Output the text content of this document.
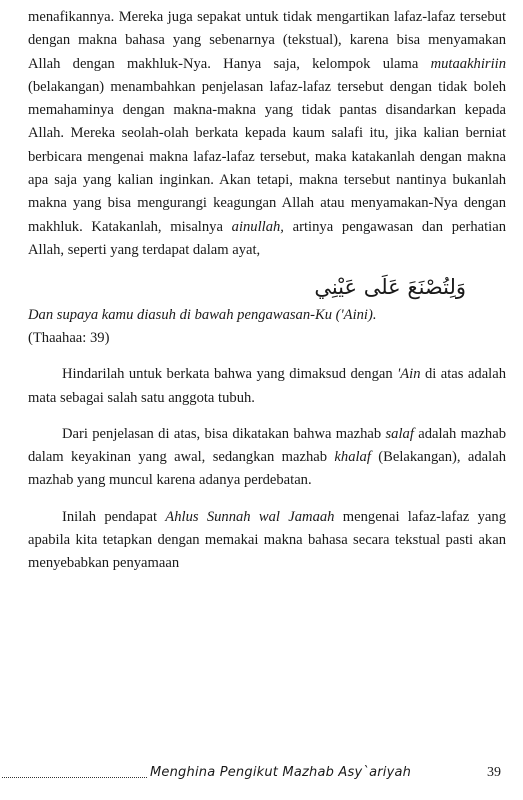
menafikannya. Mereka juga sepakat untuk tidak mengartikan lafaz-lafaz tersebut dengan makna bahasa yang sebenarnya (tekstual), karena bisa menyamakan Allah dengan makhluk-Nya. Hanya saja, kelompok ulama mutaakhiriin (belakangan) menambahkan penjelasan lafaz-lafaz tersebut dengan tidak boleh memahaminya dengan makna-makna yang tidak pantas disandarkan kepada Allah. Mereka seolah-olah berkata kepada kaum salafi itu, jika kalian berniat berbicara mengenai makna lafaz-lafaz tersebut, maka katakanlah dengan makna apa saja yang kalian inginkan. Akan tetapi, makna tersebut nantinya bukanlah makna yang bisa mengurangi keagungan Allah atau menyamakan-Nya dengan makhluk. Katakanlah, misalnya ainullah, artinya pengawasan dan perhatian Allah, seperti yang terdapat dalam ayat,

وَلِتُصْنَعَ عَلَى عَيْنِي

Dan supaya kamu diasuh di bawah pengawasan-Ku ('Aini).
(Thaahaa: 39)

Hindarilah untuk berkata bahwa yang dimaksud dengan 'Ain di atas adalah mata sebagai salah satu anggota tubuh.

Dari penjelasan di atas, bisa dikatakan bahwa mazhab salaf adalah mazhab dalam keyakinan yang awal, sedangkan mazhab khalaf (Belakangan), adalah mazhab yang muncul karena adanya perdebatan.

Inilah pendapat Ahlus Sunnah wal Jamaah mengenai lafaz-lafaz yang apabila kita tetapkan dengan memakai makna bahasa secara tekstual pasti akan menyebabkan penyamaan

Menghina Pengikut Mazhab Asy`ariyah	39
